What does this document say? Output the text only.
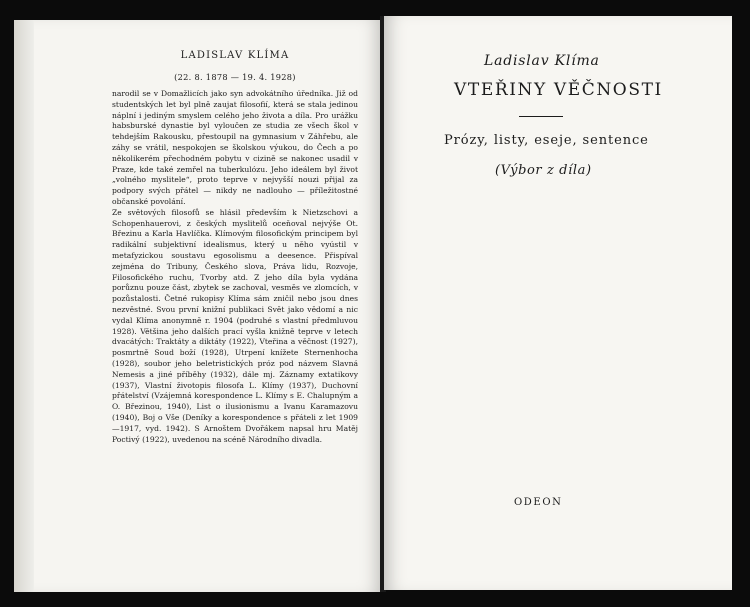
LADISLAV KLÍMA
(22. 8. 1878 — 19. 4. 1928)

narodil se v Domažlicích jako syn advokátního úředníka. Již od studentských let byl plně zaujat filosofií, která se stala jedinou náplní i jediným smyslem celého jeho života a díla. Pro urážku habsburské dynastie byl vyloučen ze studia ze všech škol v tehdejším Rakousku, přestoupil na gymnasium v Záhřebu, ale záhy se vrátil, nespokojen se školskou výukou, do Čech a po několikerém přechodném pobytu v cizině se nakonec usadil v Praze, kde také zemřel na tuberkulózu. Jeho ideálem byl život „volného myslitele“, proto teprve v nejvyšší nouzi přijal za podpory svých přátel — nikdy ne nadlouho — příležitostné občanské povolání.

Ze světových filosofů se hlásil především k Nietzschovi a Schopenhauerovi, z českých myslitelů oceňoval nejvýše Ot. Březinu a Karla Havlíčka. Klímovým filosofickým principem byl radikální subjektivní idealismus, který u něho vyústil v metafyzickou soustavu egosolismu a deesence. Přispíval zejména do Tribuny, Českého slova, Práva lidu, Rozvoje, Filosofického ruchu, Tvorby atd. Z jeho díla byla vydána porůznu pouze část, zbytek se zachoval, vesměs ve zlomcích, v pozůstalosti. Četné rukopisy Klíma sám zničil nebo jsou dnes nezvěstné. Svou první knižní publikaci Svět jako vědomí a nic vydal Klíma anonymně r. 1904 (podruhé s vlastní předmluvou 1928). Většina jeho dalších prací vyšla knižně teprve v letech dvacátých: Traktáty a diktáty (1922), Vteřina a věčnost (1927), posmrtně Soud boží (1928), Utrpení knížete Sternenhocha (1928), soubor jeho beletristických próz pod názvem Slavná Nemesis a jiné příběhy (1932), dále mj. Záznamy extatikovy (1937), Vlastní životopis filosofa L. Klímy (1937), Duchovní přátelství (Vzájemná korespondence L. Klímy s E. Chalupným a O. Březinou, 1940), List o ilusionismu a Ivanu Karamazovu (1940), Boj o Vše (Deníky a korespondence s přáteli z let 1909—1917, vyd. 1942). S Arnoštem Dvořákem napsal hru Matěj Poctivý (1922), uvedenou na scéně Národního divadla.

Ladislav Klíma
VTEŘINY VĚČNOSTI
Prózy, listy, eseje, sentence
(Výbor z díla)
ODEON
